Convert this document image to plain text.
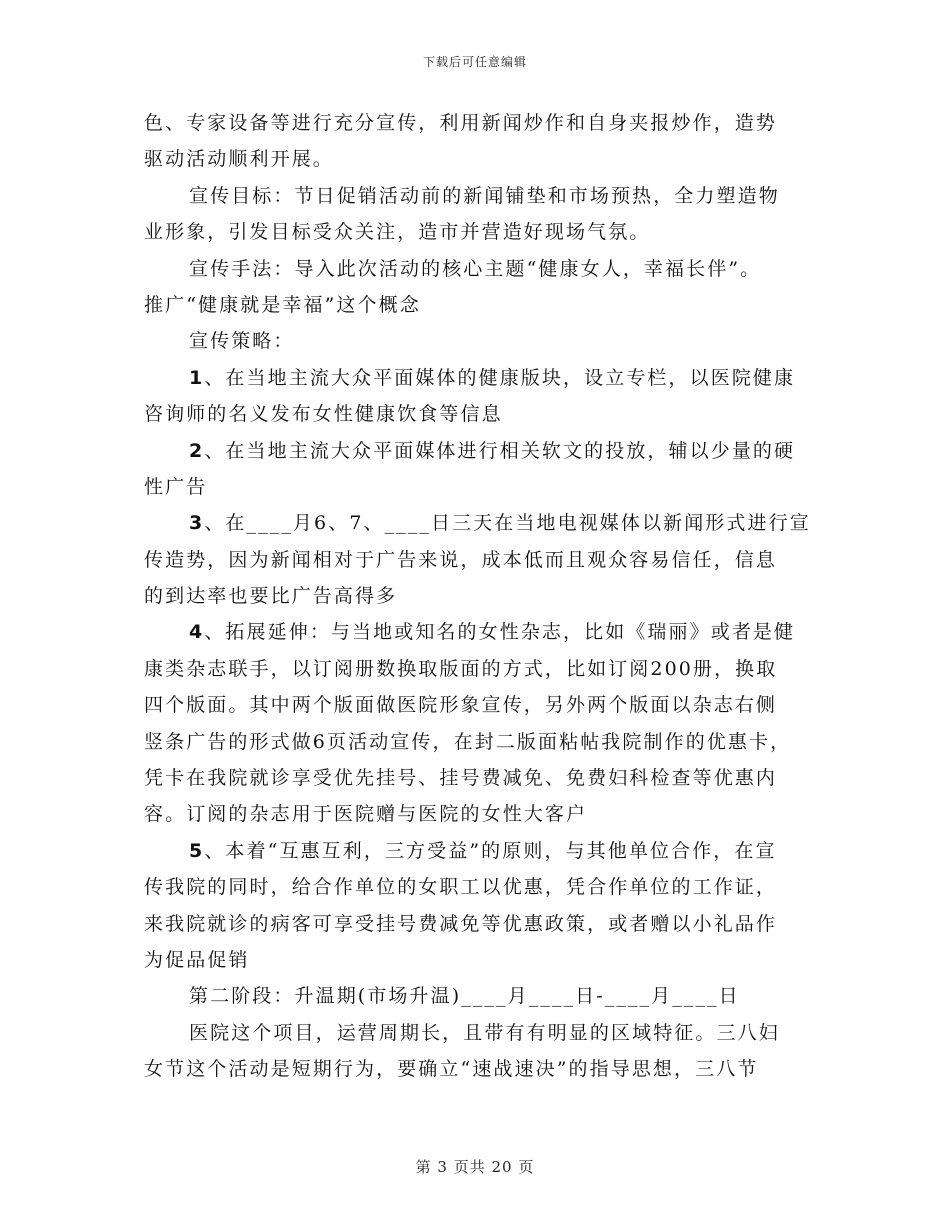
下载后可任意编辑
色、专家设备等进行充分宣传，利用新闻炒作和自身夹报炒作，造势
驱动活动顺利开展。
宣传目标：节日促销活动前的新闻铺垫和市场预热，全力塑造物
业形象，引发目标受众关注，造市并营造好现场气氛。
宣传手法：导入此次活动的核心主题“健康女人，幸福长伴”。
推广“健康就是幸福”这个概念
宣传策略：
1、在当地主流大众平面媒体的健康版块，设立专栏，以医院健康
咨询师的名义发布女性健康饮食等信息
2、在当地主流大众平面媒体进行相关软文的投放，辅以少量的硬
性广告
3、在____月6、7、____日三天在当地电视媒体以新闻形式进行宣
传造势，因为新闻相对于广告来说，成本低而且观众容易信任，信息
的到达率也要比广告高得多
4、拓展延伸：与当地或知名的女性杂志，比如《瑞丽》或者是健
康类杂志联手，以订阅册数换取版面的方式，比如订阅200册，换取
四个版面。其中两个版面做医院形象宣传，另外两个版面以杂志右侧
竖条广告的形式做6页活动宣传，在封二版面粘帖我院制作的优惠卡，
凭卡在我院就诊享受优先挂号、挂号费减免、免费妇科检查等优惠内
容。订阅的杂志用于医院赠与医院的女性大客户
5、本着“互惠互利，三方受益”的原则，与其他单位合作，在宣
传我院的同时，给合作单位的女职工以优惠，凭合作单位的工作证，
来我院就诊的病客可享受挂号费减免等优惠政策，或者赠以小礼品作
为促品促销
第二阶段：升温期(市场升温)____月____日-____月____日
医院这个项目，运营周期长，且带有有明显的区域特征。三八妇
女节这个活动是短期行为，要确立“速战速决”的指导思想，三八节
第 3 页共 20 页
